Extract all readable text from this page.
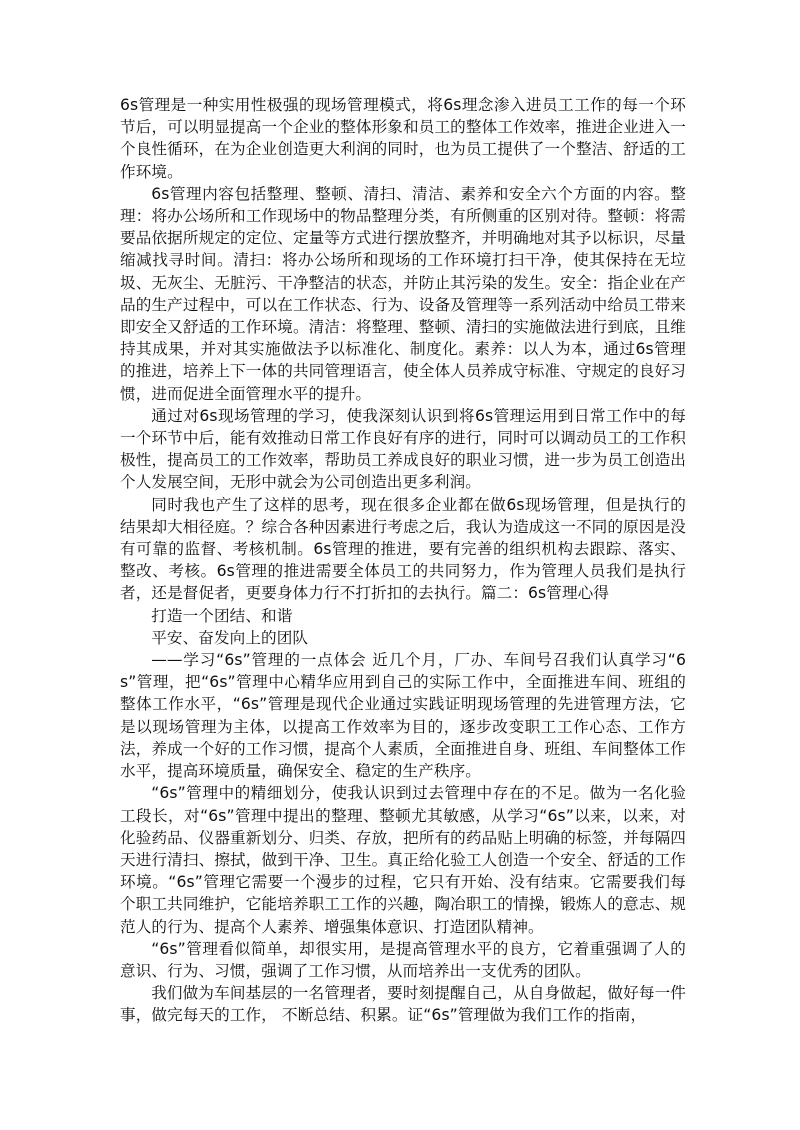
6s管理是一种实用性极强的现场管理模式，将6s理念渗入进员工工作的每一个环节后，可以明显提高一个企业的整体形象和员工的整体工作效率，推进企业进入一个良性循环，在为企业创造更大利润的同时，也为员工提供了一个整洁、舒适的工作环境。

6s管理内容包括整理、整顿、清扫、清洁、素养和安全六个方面的内容。整理：将办公场所和工作现场中的物品整理分类，有所侧重的区别对待。整顿：将需要品依据所规定的定位、定量等方式进行摆放整齐，并明确地对其予以标识，尽量缩减找寻时间。清扫：将办公场所和现场的工作环境打扫干净，使其保持在无垃圾、无灰尘、无脏污、干净整洁的状态，并防止其污染的发生。安全：指企业在产品的生产过程中，可以在工作状态、行为、设备及管理等一系列活动中给员工带来即安全又舒适的工作环境。清洁：将整理、整顿、清扫的实施做法进行到底，且维持其成果，并对其实施做法予以标准化、制度化。素养：以人为本，通过6s管理的推进，培养上下一体的共同管理语言，使全体人员养成守标准、守规定的良好习惯，进而促进全面管理水平的提升。

通过对6s现场管理的学习，使我深刻认识到将6s管理运用到日常工作中的每一个环节中后，能有效推动日常工作良好有序的进行，同时可以调动员工的工作积极性，提高员工的工作效率，帮助员工养成良好的职业习惯，进一步为员工创造出个人发展空间，无形中就会为公司创造出更多利润。

同时我也产生了这样的思考，现在很多企业都在做6s现场管理，但是执行的结果却大相径庭。？综合各种因素进行考虑之后，我认为造成这一不同的原因是没有可靠的监督、考核机制。6s管理的推进，要有完善的组织机构去跟踪、落实、整改、考核。6s管理的推进需要全体员工的共同努力，作为管理人员我们是执行者，还是督促者，更要身体力行不打折扣的去执行。篇二：6s管理心得

打造一个团结、和谐

平安、奋发向上的团队

——学习“6s”管理的一点体会 近几个月，厂办、车间号召我们认真学习“6s”管理，把“6s”管理中心精华应用到自己的实际工作中，全面推进车间、班组的整体工作水平，“6s”管理是现代企业通过实践证明现场管理的先进管理方法，它是以现场管理为主体，以提高工作效率为目的，逐步改变职工工作心态、工作方法，养成一个好的工作习惯，提高个人素质，全面推进自身、班组、车间整体工作水平，提高环境质量，确保安全、稳定的生产秩序。

“6s”管理中的精细划分，使我认识到过去管理中存在的不足。做为一名化验工段长，对“6s”管理中提出的整理、整顿尤其敏感，从学习“6s”以来，以来，对化验药品、仪器重新划分、归类、存放，把所有的药品贴上明确的标签，并每隔四天进行清扫、擦拭，做到干净、卫生。真正给化验工人创造一个安全、舒适的工作环境。“6s”管理它需要一个漫步的过程，它只有开始、没有结束。它需要我们每个职工共同维护，它能培养职工工作的兴趣，陶冶职工的情操，锻炼人的意志、规范人的行为、提高个人素养、增强集体意识、打造团队精神。

“6s”管理看似简单，却很实用，是提高管理水平的良方，它着重强调了人的意识、行为、习惯，强调了工作习惯，从而培养出一支优秀的团队。

我们做为车间基层的一名管理者，要时刻提醒自己，从自身做起，做好每一件事，做完每天的工作， 不断总结、积累。证“6s”管理做为我们工作的指南，
